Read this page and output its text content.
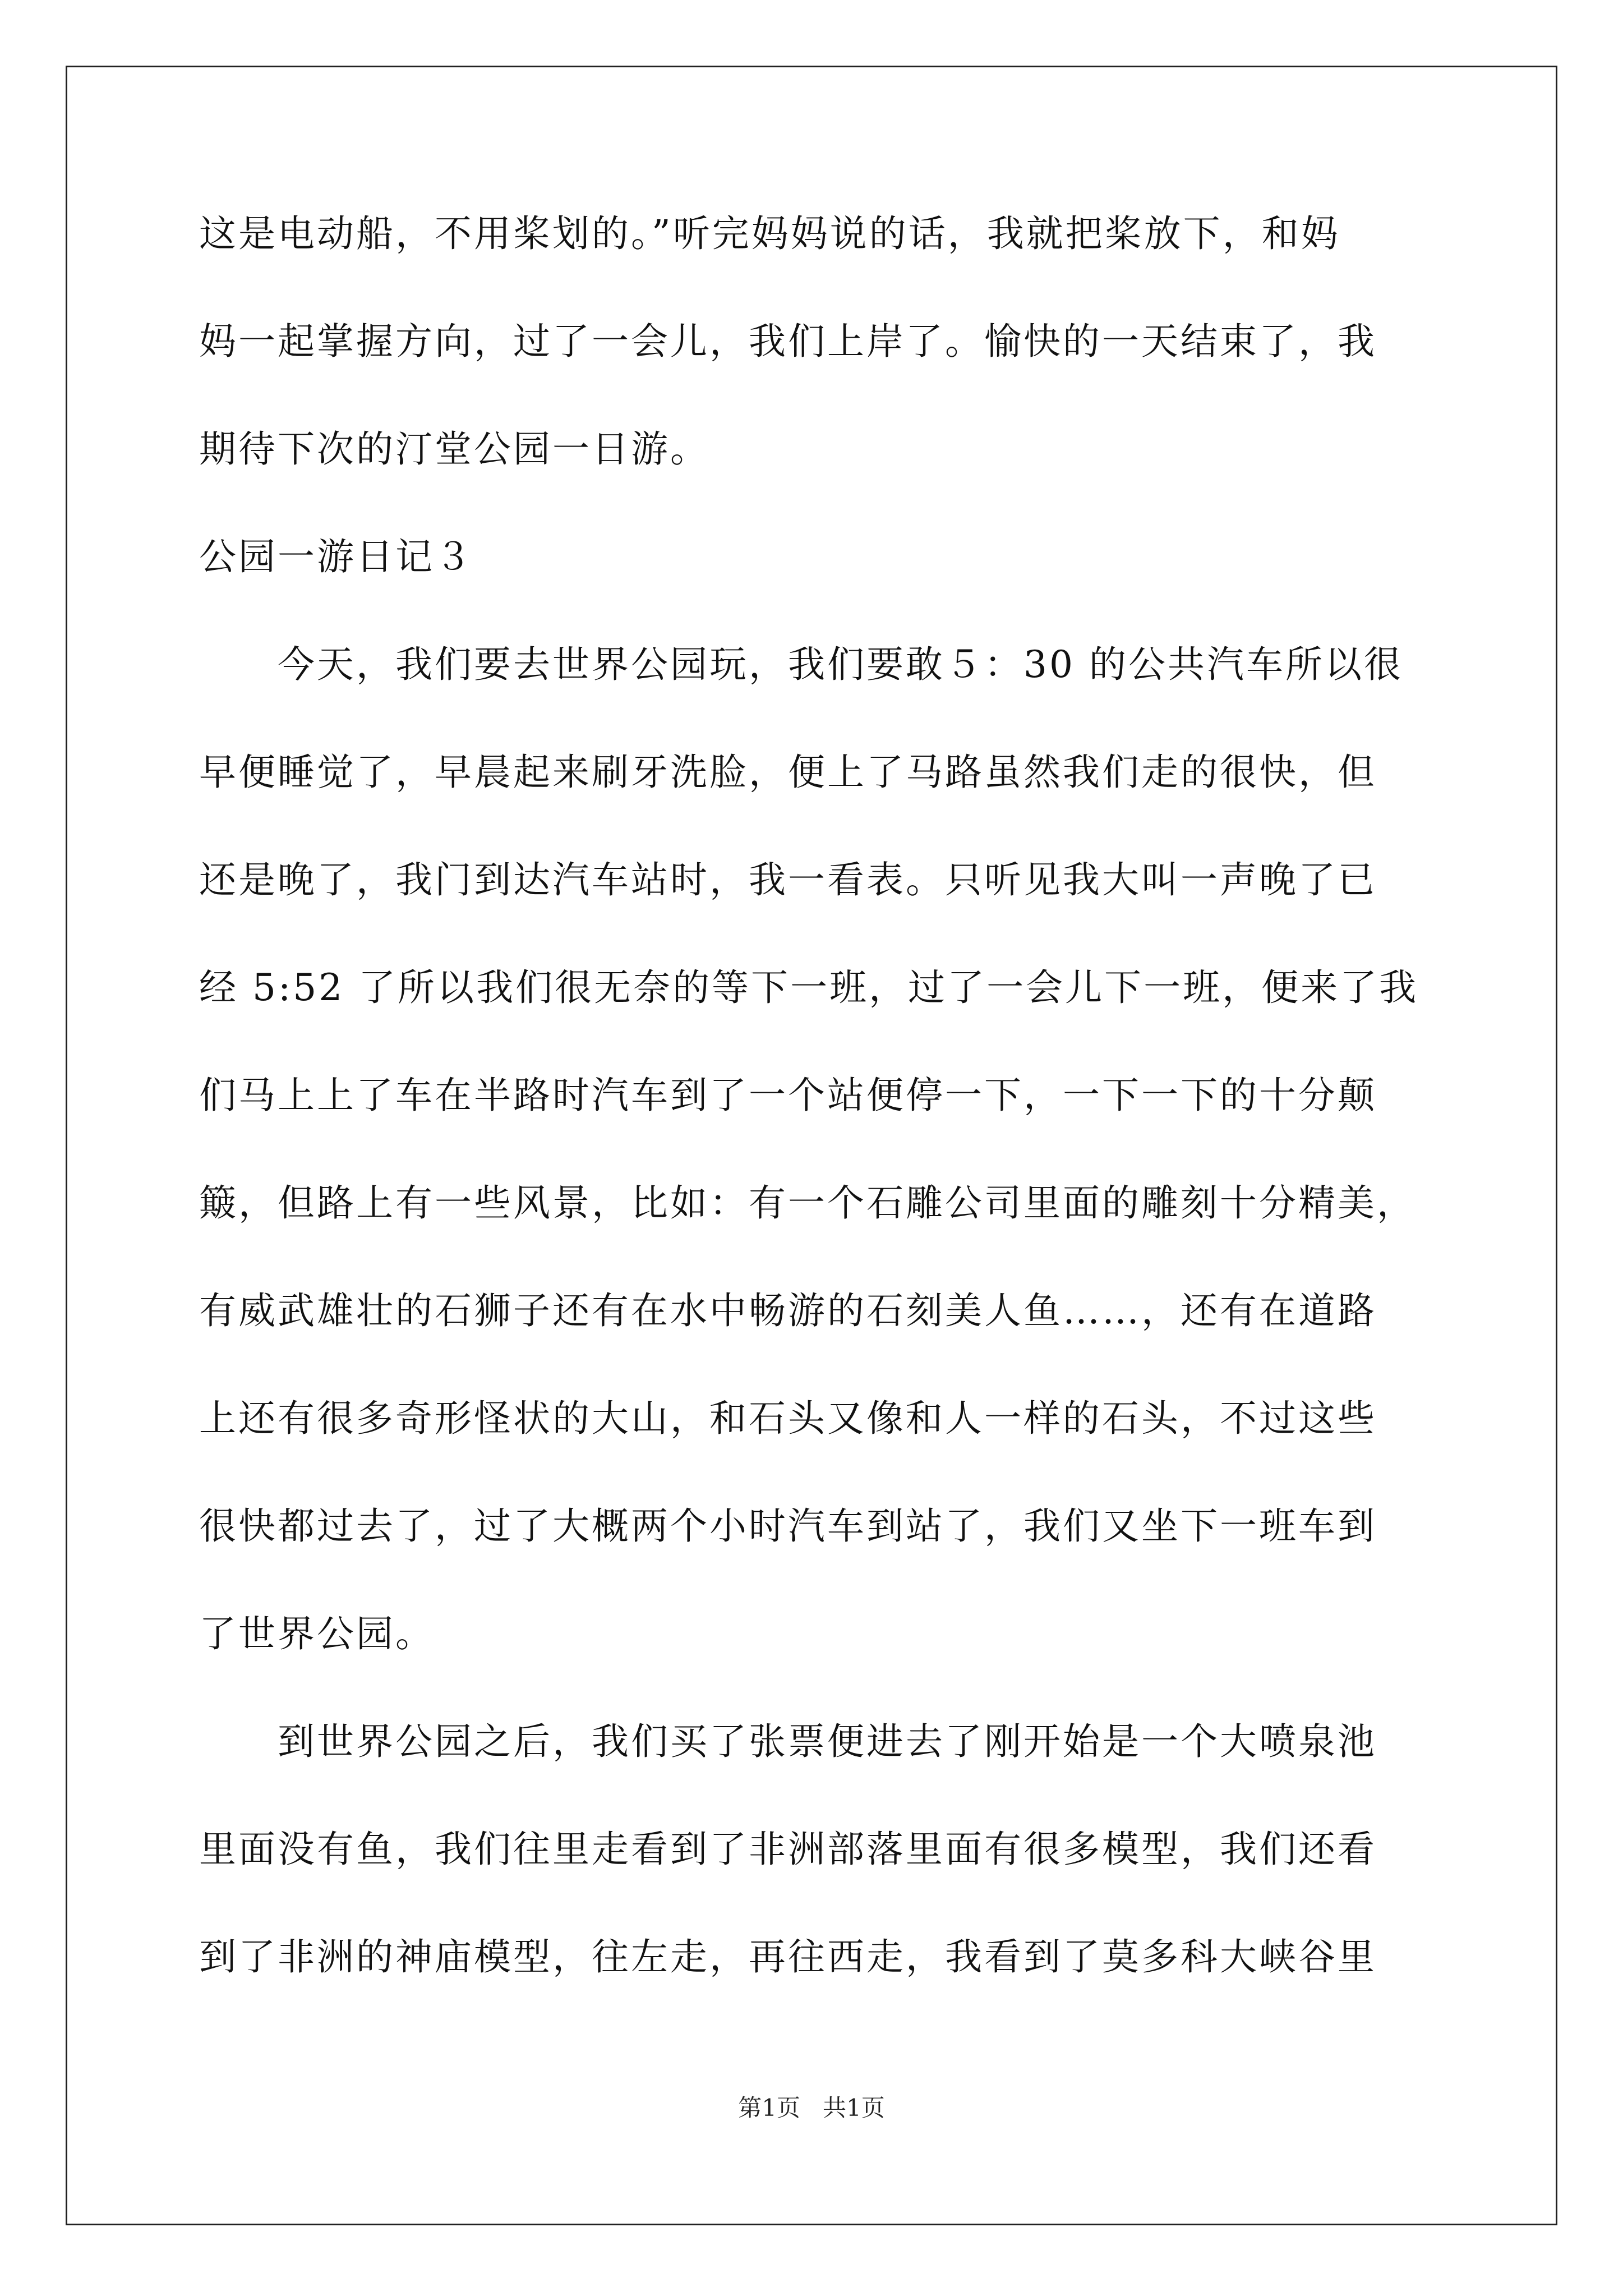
这是电动船，不用桨划的。”听完妈妈说的话，我就把桨放下，和妈
妈一起掌握方向，过了一会儿，我们上岸了。愉快的一天结束了，我
期待下次的汀堂公园一日游。
公园一游日记３
今天，我们要去世界公园玩，我们要敢５：30 的公共汽车所以很
早便睡觉了，早晨起来刷牙洗脸，便上了马路虽然我们走的很快，但
还是晚了，我门到达汽车站时，我一看表。只听见我大叫一声晚了已
经 5:52 了所以我们很无奈的等下一班，过了一会儿下一班，便来了我
们马上上了车在半路时汽车到了一个站便停一下，一下一下的十分颠
簸，但路上有一些风景，比如：有一个石雕公司里面的雕刻十分精美，
有威武雄壮的石狮子还有在水中畅游的石刻美人鱼……，还有在道路
上还有很多奇形怪状的大山，和石头又像和人一样的石头，不过这些
很快都过去了，过了大概两个小时汽车到站了，我们又坐下一班车到
了世界公园。
到世界公园之后，我们买了张票便进去了刚开始是一个大喷泉池
里面没有鱼，我们往里走看到了非洲部落里面有很多模型，我们还看
到了非洲的神庙模型，往左走，再往西走，我看到了莫多科大峡谷里
第1页   共1页
